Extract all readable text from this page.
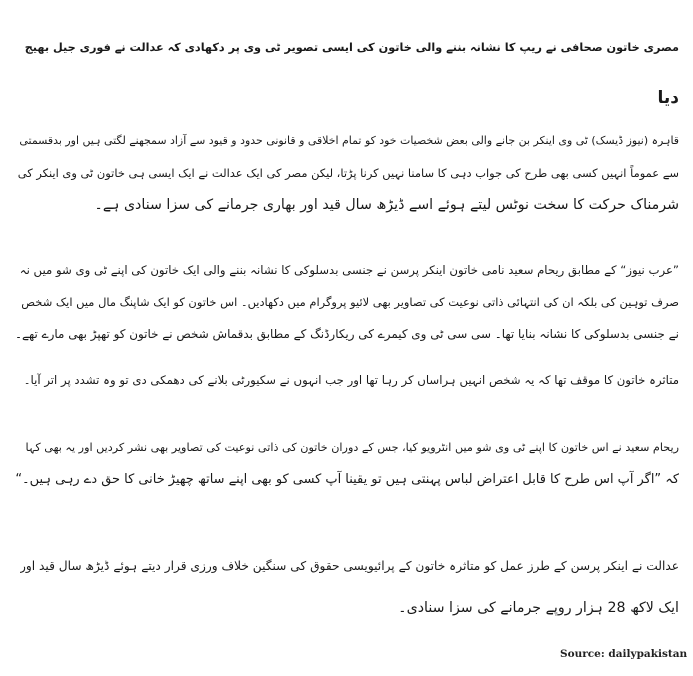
مصری خاتون صحافی نے ریپ کا نشانہ بننے والی خاتون کی ایسی تصویر ٹی وی پر دکھادی کہ عدالت نے فوری جیل بھیج
دیا
قاہرہ (نیوز ڈیسک) ٹی وی اینکر بن جانے والی بعض شخصیات خود کو تمام اخلاقی و قانونی حدود و قیود سے آزاد سمجھنے لگتی ہیں اور بدقسمتی
سے عموماً انہیں کسی بھی طرح کی جواب دہی کا سامنا نہیں کرنا پڑتا، لیکن مصر کی ایک عدالت نے ایک ایسی ہی خاتون ٹی وی اینکر کی
شرمناک حرکت کا سخت نوٹس لیتے ہوئے اسے ڈیڑھ سال قید اور بھاری جرمانے کی سزا سنادی ہے۔
”عرب نیوز“ کے مطابق ریحام سعید نامی خاتون اینکر پرسن نے جنسی بدسلوکی کا نشانہ بننے والی ایک خاتون کی اپنے ٹی وی شو میں نہ
صرف توہین کی بلکہ ان کی انتہائی ذاتی نوعیت کی تصاویر بھی لائیو پروگرام میں دکھادیں۔ اس خاتون کو ایک شاپنگ مال میں ایک شخص
نے جنسی بدسلوکی کا نشانہ بنایا تھا۔ سی سی ٹی وی کیمرے کی ریکارڈنگ کے مطابق بدقماش شخص نے خاتون کو تھپڑ بھی مارے تھے۔
متاثرہ خاتون کا موقف تھا کہ یہ شخص انہیں ہراساں کر رہا تھا اور جب انہوں نے سکیورٹی بلانے کی دھمکی دی تو وہ تشدد پر اتر آیا۔
ریحام سعید نے اس خاتون کا اپنے ٹی وی شو میں انٹرویو کیا، جس کے دوران خاتون کی ذاتی نوعیت کی تصاویر بھی نشر کردیں اور یہ بھی کہا
کہ ”اگر آپ اس طرح کا قابل اعتراض لباس پہنتی ہیں تو یقینا آپ کسی کو بھی اپنے ساتھ چھیڑ خانی کا حق دے رہی ہیں۔“
عدالت نے اینکر پرسن کے طرز عمل کو متاثرہ خاتون کے پرائیویسی حقوق کی سنگین خلاف ورزی قرار دیتے ہوئے ڈیڑھ سال قید اور
ایک لاکھ 28 ہزار روپے جرمانے کی سزا سنادی۔
Source: dailypakistan
